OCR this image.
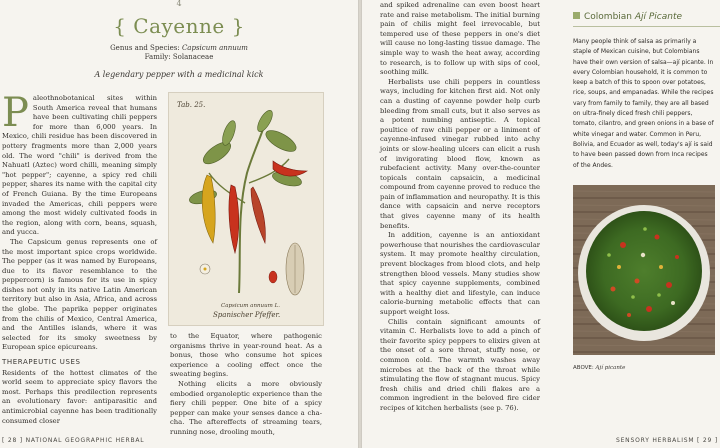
4
{ Cayenne }
Genus and Species: Capsicum annuum
Family: Solanaceae
A legendary pepper with a medicinal kick

Paleothnobotanical sites within South America reveal that humans have been cultivating chili peppers for more than 6,000 years. In Mexico, chili residue has been discovered in pottery fragments more than 2,000 years old. The word "chili" is derived from the Nahuatl (Aztec) word chilli, meaning simply "hot pepper"; cayenne, a spicy red chili pepper, shares its name with the capital city of French Guiana. By the time Europeans invaded the Americas, chili peppers were among the most widely cultivated foods in the region, along with corn, beans, squash, and yucca.

The Capsicum genus represents one of the most important spice crops worldwide. The pepper (as it was named by Europeans, due to its flavor resemblance to the peppercorn) is famous for its use in spicy dishes not only in its native Latin American territory but also in Asia, Africa, and across the globe. The paprika pepper originates from the chilis of Mexico, Central America, and the Antilles islands, where it was selected for its smoky sweetness by European spice epicureans.

THERAPEUTIC USES

Residents of the hottest climates of the world seem to appreciate spicy flavors the most. Perhaps this predilection represents an evolutionary favor: antiparasitic and antimicrobial cayenne has been traditionally consumed closer

Tab. 25.
Capsicum annuum L.
Spanischer Pfeffer.

to the Equator, where pathogenic organisms thrive in year-round heat. As a bonus, those who consume hot spices experience a cooling effect once the sweating begins.

Nothing elicits a more obviously embodied organoleptic experience than the fiery chili pepper. One bite of a spicy pepper can make your senses dance a cha-cha. The aftereffects of streaming tears, running nose, drooling mouth,

[ 28 ] NATIONAL GEOGRAPHIC HERBAL

and spiked adrenaline can even boost heart rate and raise metabolism. The initial burning pain of chilis might feel irrevocable, but tempered use of these peppers in one's diet will cause no long-lasting tissue damage. The simple way to wash the heat away, according to research, is to follow up with sips of cool, soothing milk.

Herbalists use chili peppers in countless ways, including for kitchen first aid. Not only can a dusting of cayenne powder help curb bleeding from small cuts, but it also serves as a potent numbing antiseptic. A topical poultice of raw chili pepper or a liniment of cayenne-infused vinegar rubbed into achy joints or slow-healing ulcers can elicit a rush of invigorating blood flow, known as rubefacient activity. Many over-the-counter topicals contain capsaicin, a medicinal compound from cayenne proved to reduce the pain of inflammation and neuropathy. It is this dance with capsaicin and nerve receptors that gives cayenne many of its health benefits.

In addition, cayenne is an antioxidant powerhouse that nourishes the cardiovascular system. It may promote healthy circulation, prevent blockages from blood clots, and help strengthen blood vessels. Many studies show that spicy cayenne supplements, combined with a healthy diet and lifestyle, can induce calorie-burning metabolic effects that can support weight loss.

Chilis contain significant amounts of vitamin C. Herbalists love to add a pinch of their favorite spicy peppers to elixirs given at the onset of a sore throat, stuffy nose, or common cold. The warmth washes away microbes at the back of the throat while stimulating the flow of stagnant mucus. Spicy fresh chilis and dried chili flakes are a common ingredient in the beloved fire cider recipes of kitchen herbalists (see p. 76).

Colombian Ají Picante
Many people think of salsa as primarily a staple of Mexican cuisine, but Colombians have their own version of salsa—ají picante. In every Colombian household, it is common to keep a batch of this to spoon over potatoes, rice, soups, and empanadas. While the recipes vary from family to family, they are all based on ultra-finely diced fresh chili peppers, tomato, cilantro, and green onions in a base of white vinegar and water. Common in Peru, Bolivia, and Ecuador as well, today's ají is said to have been passed down from Inca recipes of the Andes.
ABOVE: Ají picante
SENSORY HERBALISM [ 29 ]
